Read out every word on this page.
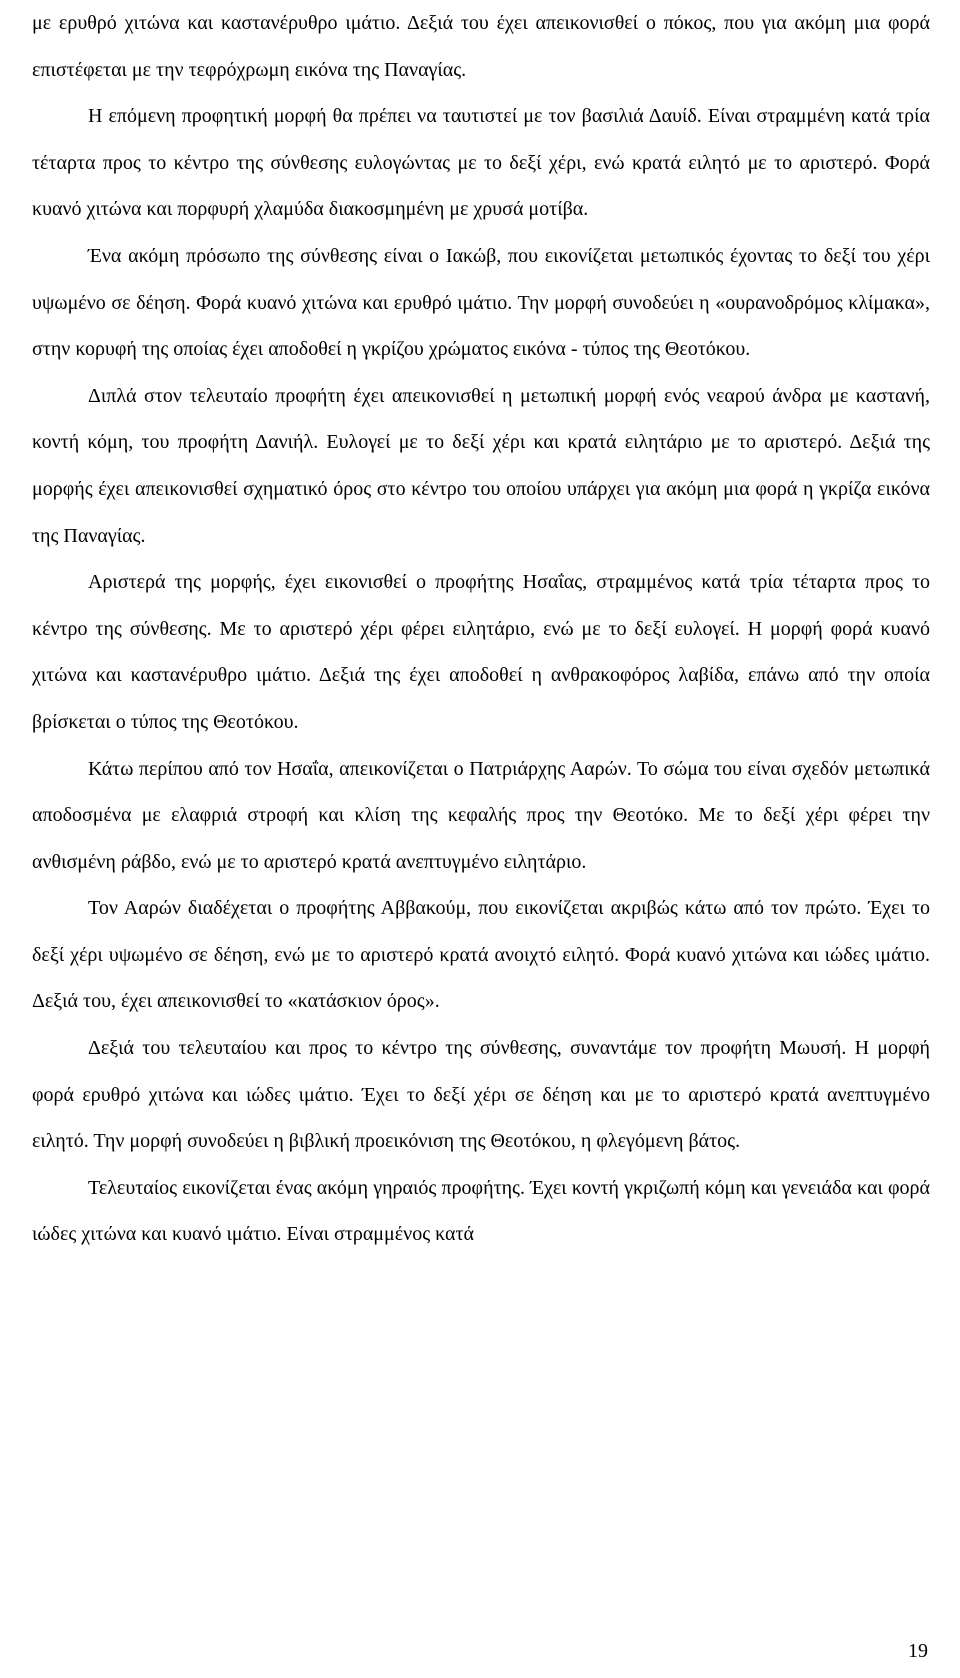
με ερυθρό χιτώνα και καστανέρυθρο ιμάτιο. Δεξιά του έχει απεικονισθεί ο πόκος, που για ακόμη μια φορά επιστέφεται με την τεφρόχρωμη εικόνα της Παναγίας.

Η επόμενη προφητική μορφή θα πρέπει να ταυτιστεί με τον βασιλιά Δαυίδ. Είναι στραμμένη κατά τρία τέταρτα προς το κέντρο της σύνθεσης ευλογώντας με το δεξί χέρι, ενώ κρατά ειλητό με το αριστερό. Φορά κυανό χιτώνα και πορφυρή χλαμύδα διακοσμημένη με χρυσά μοτίβα.

Ένα ακόμη πρόσωπο της σύνθεσης είναι ο Ιακώβ, που εικονίζεται μετωπικός έχοντας το δεξί του χέρι υψωμένο σε δέηση. Φορά κυανό χιτώνα και ερυθρό ιμάτιο. Την μορφή συνοδεύει η «ουρανοδρόμος κλίμακα», στην κορυφή της οποίας έχει αποδοθεί η γκρίζου χρώματος εικόνα - τύπος της Θεοτόκου.

Διπλά στον τελευταίο προφήτη έχει απεικονισθεί η μετωπική μορφή ενός νεαρού άνδρα με καστανή, κοντή κόμη, του προφήτη Δανιήλ. Ευλογεί με το δεξί χέρι και κρατά ειλητάριο με το αριστερό. Δεξιά της μορφής έχει απεικονισθεί σχηματικό όρος στο κέντρο του οποίου υπάρχει για ακόμη μια φορά η γκρίζα εικόνα της Παναγίας.

Αριστερά της μορφής, έχει εικονισθεί ο προφήτης Ησαΐας, στραμμένος κατά τρία τέταρτα προς το κέντρο της σύνθεσης. Με το αριστερό χέρι φέρει ειλητάριο, ενώ με το δεξί ευλογεί. Η μορφή φορά κυανό χιτώνα και καστανέρυθρο ιμάτιο. Δεξιά της έχει αποδοθεί η ανθρακοφόρος λαβίδα, επάνω από την οποία βρίσκεται ο τύπος της Θεοτόκου.

Κάτω περίπου από τον Ησαΐα, απεικονίζεται ο Πατριάρχης Ααρών. Το σώμα του είναι σχεδόν μετωπικά αποδοσμένα με ελαφριά στροφή και κλίση της κεφαλής προς την Θεοτόκο. Με το δεξί χέρι φέρει την ανθισμένη ράβδο, ενώ με το αριστερό κρατά ανεπτυγμένο ειλητάριο.

Τον Ααρών διαδέχεται ο προφήτης Αββακούμ, που εικονίζεται ακριβώς κάτω από τον πρώτο. Έχει το δεξί χέρι υψωμένο σε δέηση, ενώ με το αριστερό κρατά ανοιχτό ειλητό. Φορά κυανό χιτώνα και ιώδες ιμάτιο. Δεξιά του, έχει απεικονισθεί το «κατάσκιον όρος».

Δεξιά του τελευταίου και προς το κέντρο της σύνθεσης, συναντάμε τον προφήτη Μωυσή. Η μορφή φορά ερυθρό χιτώνα και ιώδες ιμάτιο. Έχει το δεξί χέρι σε δέηση και με το αριστερό κρατά ανεπτυγμένο ειλητό. Την μορφή συνοδεύει η βιβλική προεικόνιση της Θεοτόκου, η φλεγόμενη βάτος.

Τελευταίος εικονίζεται ένας ακόμη γηραιός προφήτης. Έχει κοντή γκριζωπή κόμη και γενειάδα και φορά ιώδες χιτώνα και κυανό ιμάτιο. Είναι στραμμένος κατά

19
